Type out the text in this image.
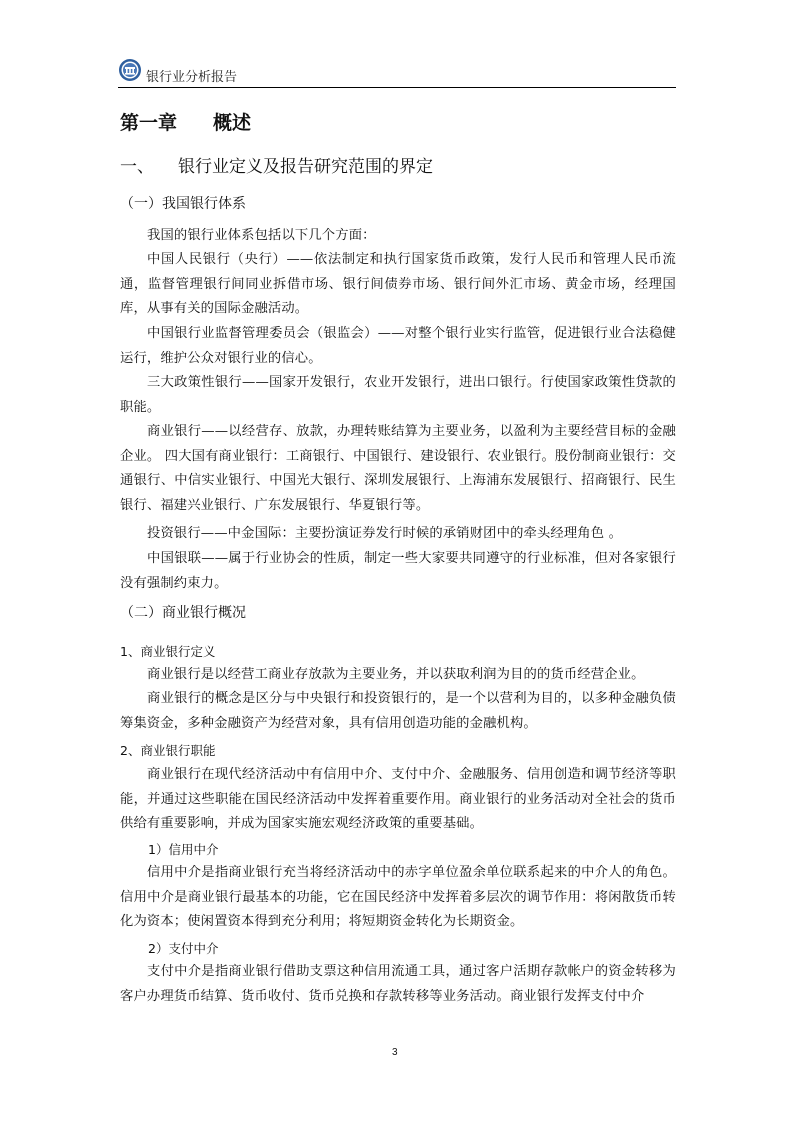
银行业分析报告
第一章 概述
一、 银行业定义及报告研究范围的界定
（一）我国银行体系

我国的银行业体系包括以下几个方面：

中国人民银行（央行）——依法制定和执行国家货币政策，发行人民币和管理人民币流通，监督管理银行间同业拆借市场、银行间债券市场、银行间外汇市场、黄金市场，经理国库，从事有关的国际金融活动。

中国银行业监督管理委员会（银监会）——对整个银行业实行监管，促进银行业合法稳健运行，维护公众对银行业的信心。

三大政策性银行——国家开发银行，农业开发银行，进出口银行。行使国家政策性贷款的职能。

商业银行——以经营存、放款，办理转账结算为主要业务，以盈利为主要经营目标的金融企业。 四大国有商业银行：工商银行、中国银行、建设银行、农业银行。股份制商业银行：交通银行、中信实业银行、中国光大银行、深圳发展银行、上海浦东发展银行、招商银行、民生银行、福建兴业银行、广东发展银行、华夏银行等。

投资银行——中金国际：主要扮演证券发行时候的承销财团中的牵头经理角色 。

中国银联——属于行业协会的性质，制定一些大家要共同遵守的行业标准，但对各家银行没有强制约束力。

（二）商业银行概况
1、商业银行定义

商业银行是以经营工商业存放款为主要业务，并以获取利润为目的的货币经营企业。

商业银行的概念是区分与中央银行和投资银行的，是一个以营利为目的，以多种金融负债筹集资金，多种金融资产为经营对象，具有信用创造功能的金融机构。

2、商业银行职能

商业银行在现代经济活动中有信用中介、支付中介、金融服务、信用创造和调节经济等职能，并通过这些职能在国民经济活动中发挥着重要作用。商业银行的业务活动对全社会的货币供给有重要影响，并成为国家实施宏观经济政策的重要基础。

1）信用中介

信用中介是指商业银行充当将经济活动中的赤字单位盈余单位联系起来的中介人的角色。信用中介是商业银行最基本的功能，它在国民经济中发挥着多层次的调节作用：将闲散货币转化为资本；使闲置资本得到充分利用；将短期资金转化为长期资金。

2）支付中介

支付中介是指商业银行借助支票这种信用流通工具，通过客户活期存款帐户的资金转移为客户办理货币结算、货币收付、货币兑换和存款转移等业务活动。商业银行发挥支付中介

3
